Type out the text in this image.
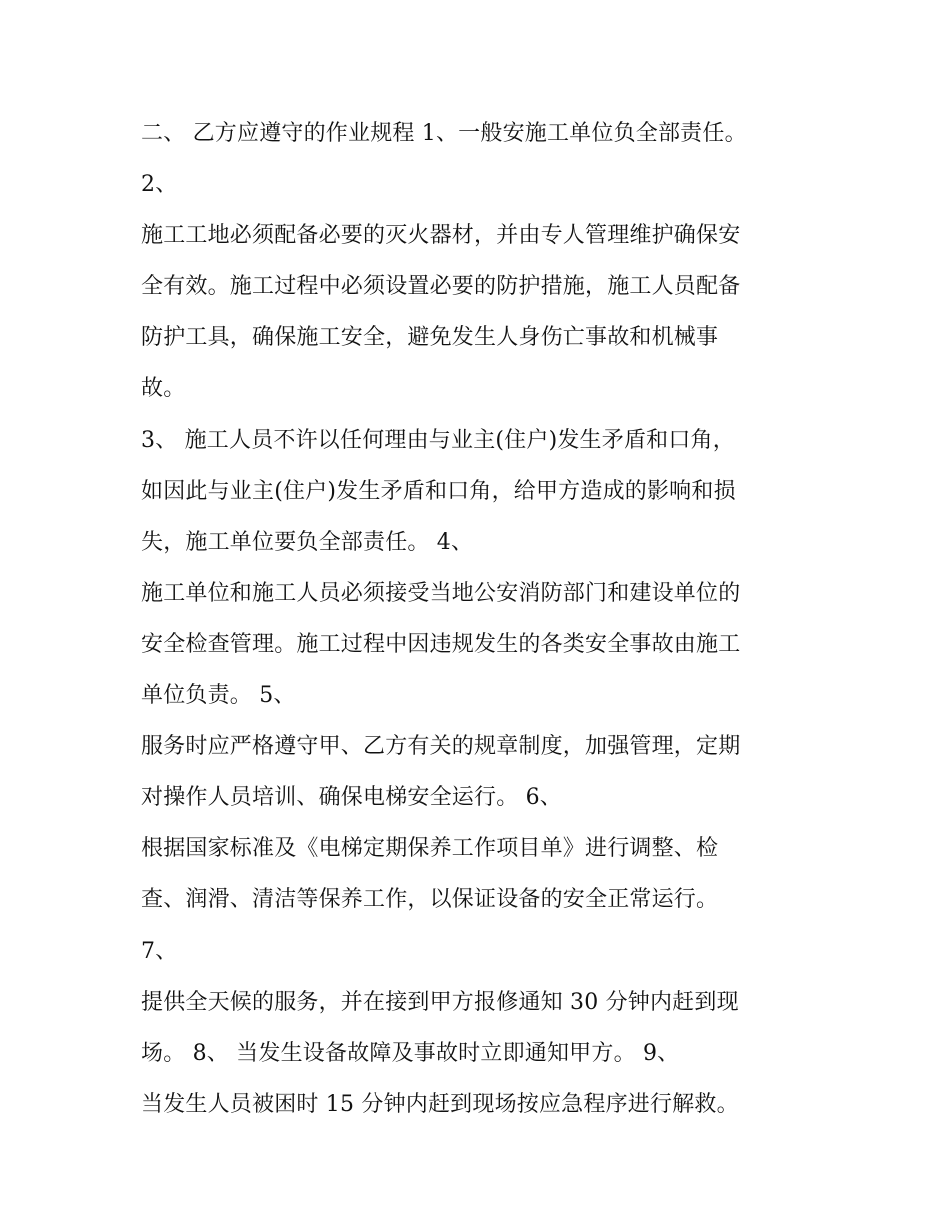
二、 乙方应遵守的作业规程 1、一般安施工单位负全部责任。
2、
施工工地必须配备必要的灭火器材，并由专人管理维护确保安
全有效。施工过程中必须设置必要的防护措施，施工人员配备
防护工具，确保施工安全，避免发生人身伤亡事故和机械事
故。
3、 施工人员不许以任何理由与业主(住户)发生矛盾和口角，
如因此与业主(住户)发生矛盾和口角，给甲方造成的影响和损
失，施工单位要负全部责任。 4、
施工单位和施工人员必须接受当地公安消防部门和建设单位的
安全检查管理。施工过程中因违规发生的各类安全事故由施工
单位负责。 5、
服务时应严格遵守甲、乙方有关的规章制度，加强管理，定期
对操作人员培训、确保电梯安全运行。 6、
根据国家标准及《电梯定期保养工作项目单》进行调整、检
查、润滑、清洁等保养工作，以保证设备的安全正常运行。
7、
提供全天候的服务，并在接到甲方报修通知 30 分钟内赶到现
场。 8、 当发生设备故障及事故时立即通知甲方。 9、
当发生人员被困时 15 分钟内赶到现场按应急程序进行解救。
